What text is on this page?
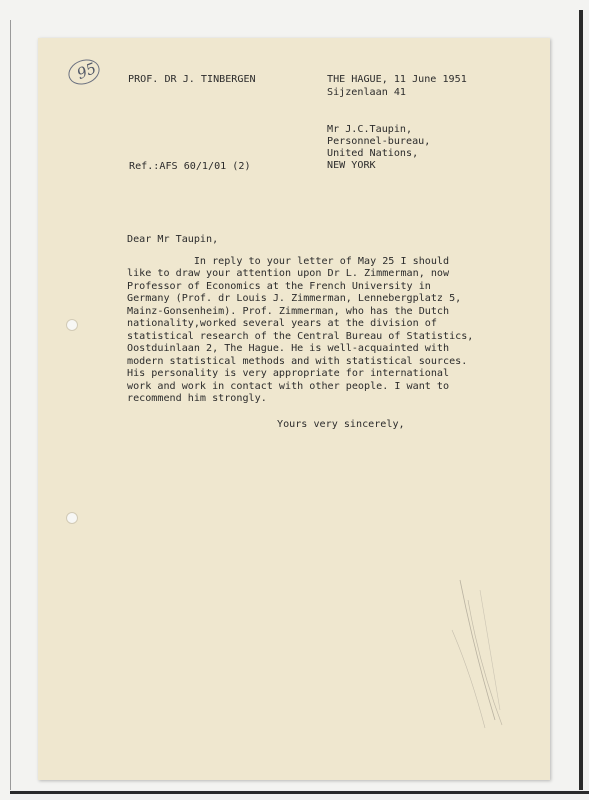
95	PROF. DR J. TINBERGEN	THE HAGUE, 11 June 1951
Sijzenlaan 41
Mr J.C.Taupin,
Personnel-bureau,
United Nations,
NEW YORK
Ref.:AFS 60/1/01 (2)
Dear Mr Taupin,
In reply to your letter of May 25 I should
like to draw your attention upon Dr L. Zimmerman, now
Professor of Economics at the French University in
Germany (Prof. dr Louis J. Zimmerman, Lennebergplatz 5,
Mainz-Gonsenheim). Prof. Zimmerman, who has the Dutch
nationality,worked several years at the division of
statistical research of the Central Bureau of Statistics,
Oostduinlaan 2, The Hague. He is well-acquainted with
modern statistical methods and with statistical sources.
His personality is very appropriate for international
work and work in contact with other people. I want to
recommend him strongly.
Yours very sincerely,
